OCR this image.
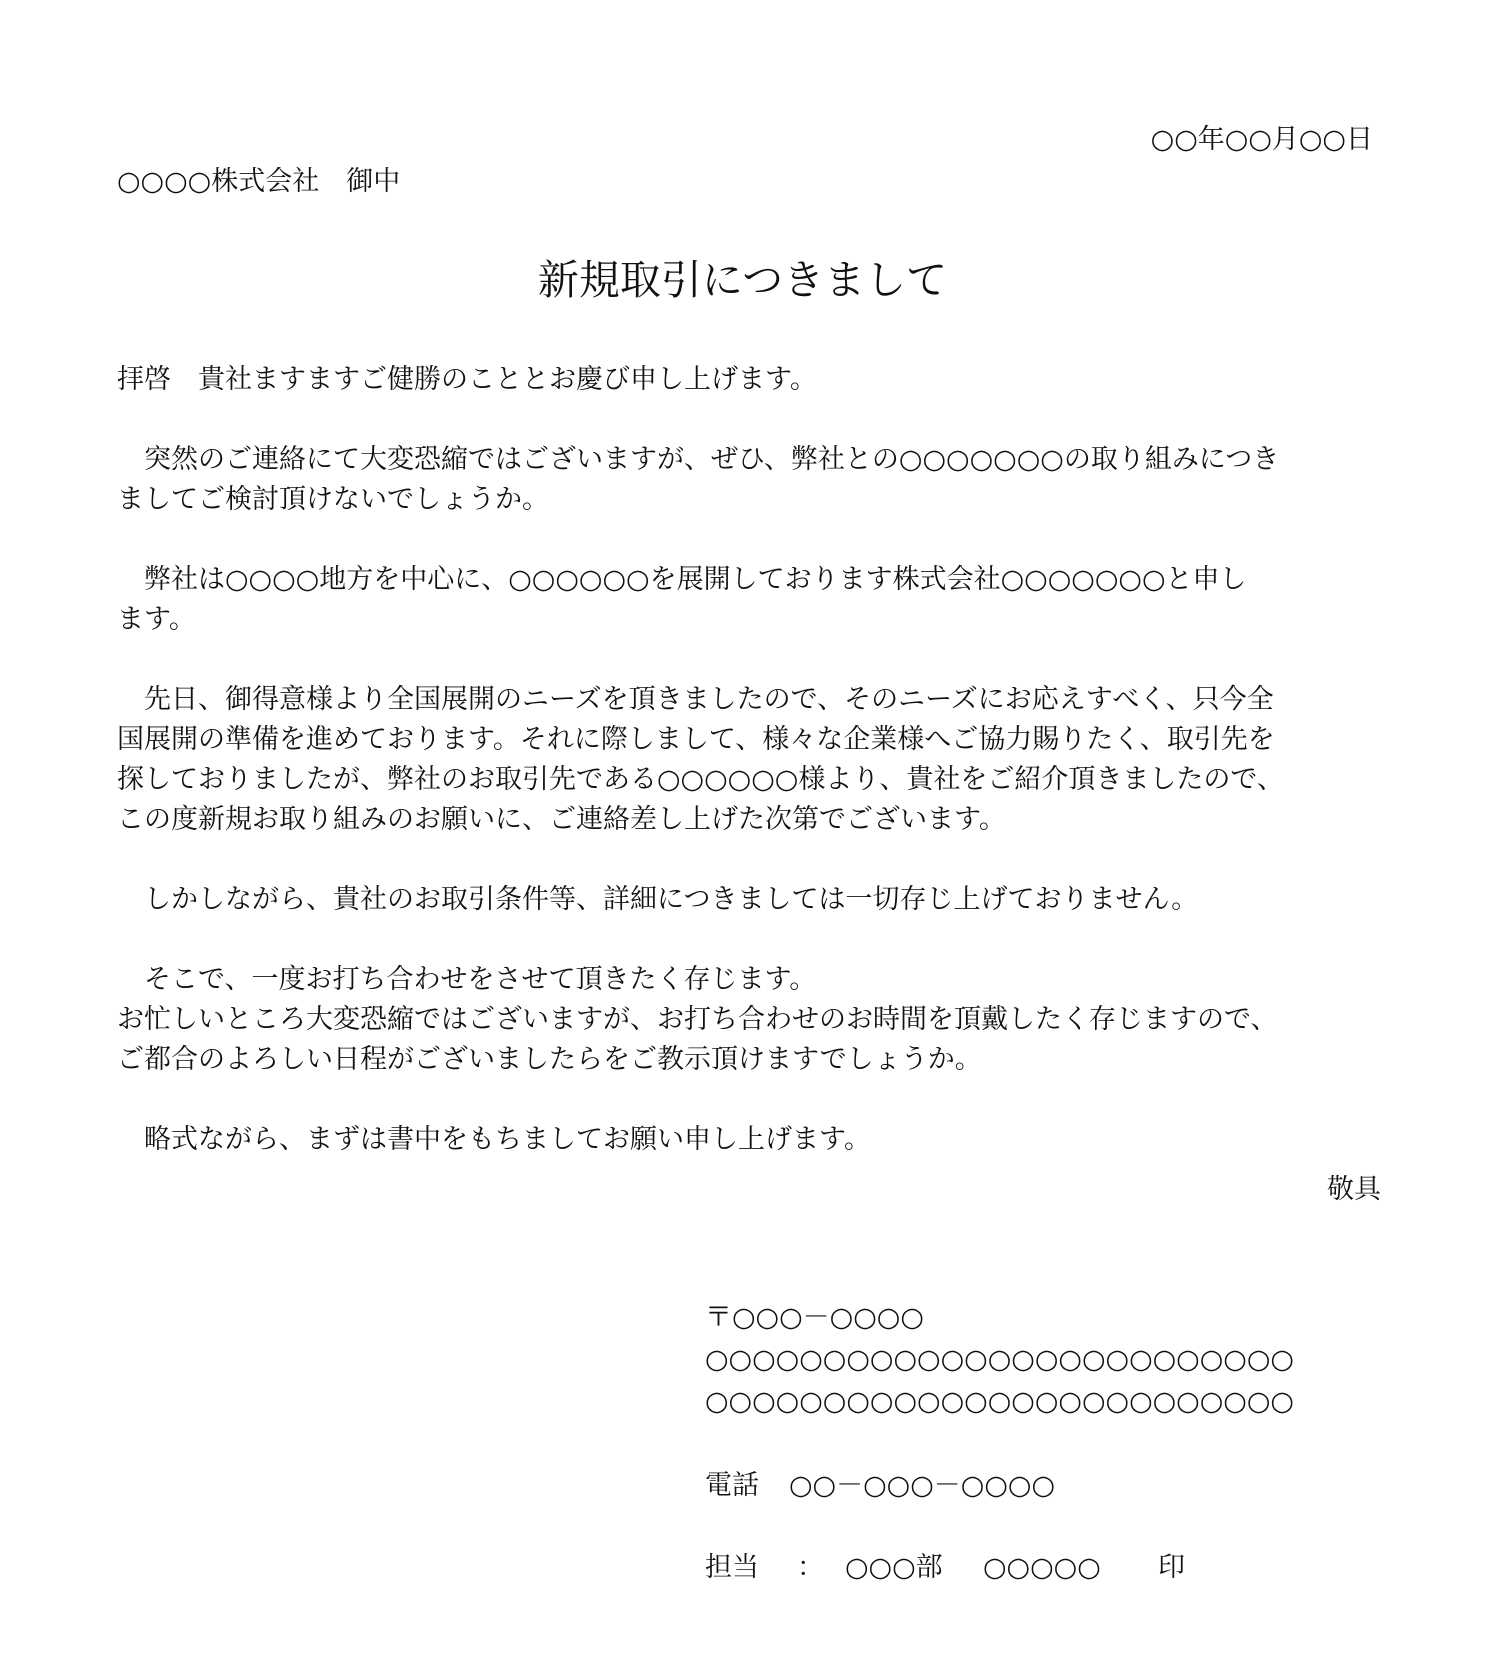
○○年○○月○○日
○○○○株式会社　御中
新規取引につきまして

拝啓　貴社ますますご健勝のこととお慶び申し上げます。

　突然のご連絡にて大変恐縮ではございますが、ぜひ、弊社との○○○○○○○の取り組みにつき
ましてご検討頂けないでしょうか。

　弊社は○○○○地方を中心に、○○○○○○を展開しております株式会社○○○○○○○と申し
ます。

　先日、御得意様より全国展開のニーズを頂きましたので、そのニーズにお応えすべく、只今全
国展開の準備を進めております。それに際しまして、様々な企業様へご協力賜りたく、取引先を
探しておりましたが、弊社のお取引先である○○○○○○様より、貴社をご紹介頂きましたので、
この度新規お取り組みのお願いに、ご連絡差し上げた次第でございます。

　しかしながら、貴社のお取引条件等、詳細につきましては一切存じ上げておりません。

　そこで、一度お打ち合わせをさせて頂きたく存じます。
お忙しいところ大変恐縮ではございますが、お打ち合わせのお時間を頂戴したく存じますので、
ご都合のよろしい日程がございましたらをご教示頂けますでしょうか。

　略式ながら、まずは書中をもちましてお願い申し上げます。

敬具
〒○○○－○○○○
○○○○○○○○○○○○○○○○○○○○○○○○○
○○○○○○○○○○○○○○○○○○○○○○○○○
電話 ○○－○○○－○○○○
担当 ： ○○○部 ○○○○○ 印
